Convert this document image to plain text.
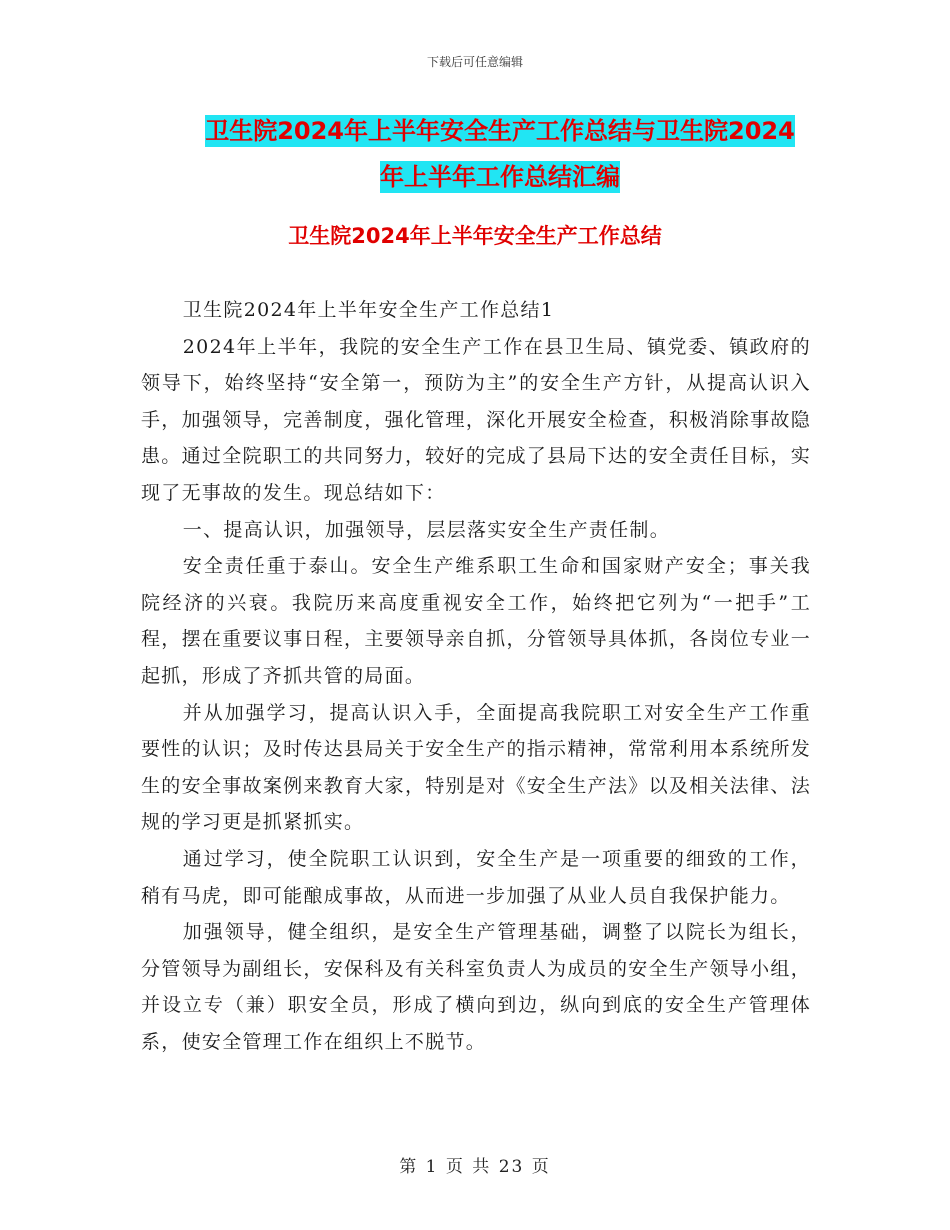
下载后可任意编辑
卫生院2024年上半年安全生产工作总结与卫生院2024
年上半年工作总结汇编
卫生院2024年上半年安全生产工作总结

卫生院2024年上半年安全生产工作总结1

2024年上半年，我院的安全生产工作在县卫生局、镇党委、镇政府的领导下，始终坚持“安全第一，预防为主”的安全生产方针，从提高认识入手，加强领导，完善制度，强化管理，深化开展安全检查，积极消除事故隐患。通过全院职工的共同努力，较好的完成了县局下达的安全责任目标，实现了无事故的发生。现总结如下：

一、提高认识，加强领导，层层落实安全生产责任制。

安全责任重于泰山。安全生产维系职工生命和国家财产安全；事关我院经济的兴衰。我院历来高度重视安全工作，始终把它列为“一把手”工程，摆在重要议事日程，主要领导亲自抓，分管领导具体抓，各岗位专业一起抓，形成了齐抓共管的局面。

并从加强学习，提高认识入手，全面提高我院职工对安全生产工作重要性的认识；及时传达县局关于安全生产的指示精神，常常利用本系统所发生的安全事故案例来教育大家，特别是对《安全生产法》以及相关法律、法规的学习更是抓紧抓实。

通过学习，使全院职工认识到，安全生产是一项重要的细致的工作，稍有马虎，即可能酿成事故，从而进一步加强了从业人员自我保护能力。

加强领导，健全组织，是安全生产管理基础，调整了以院长为组长，分管领导为副组长，安保科及有关科室负责人为成员的安全生产领导小组，并设立专（兼）职安全员，形成了横向到边，纵向到底的安全生产管理体系，使安全管理工作在组织上不脱节。

第 1 页 共 23 页
